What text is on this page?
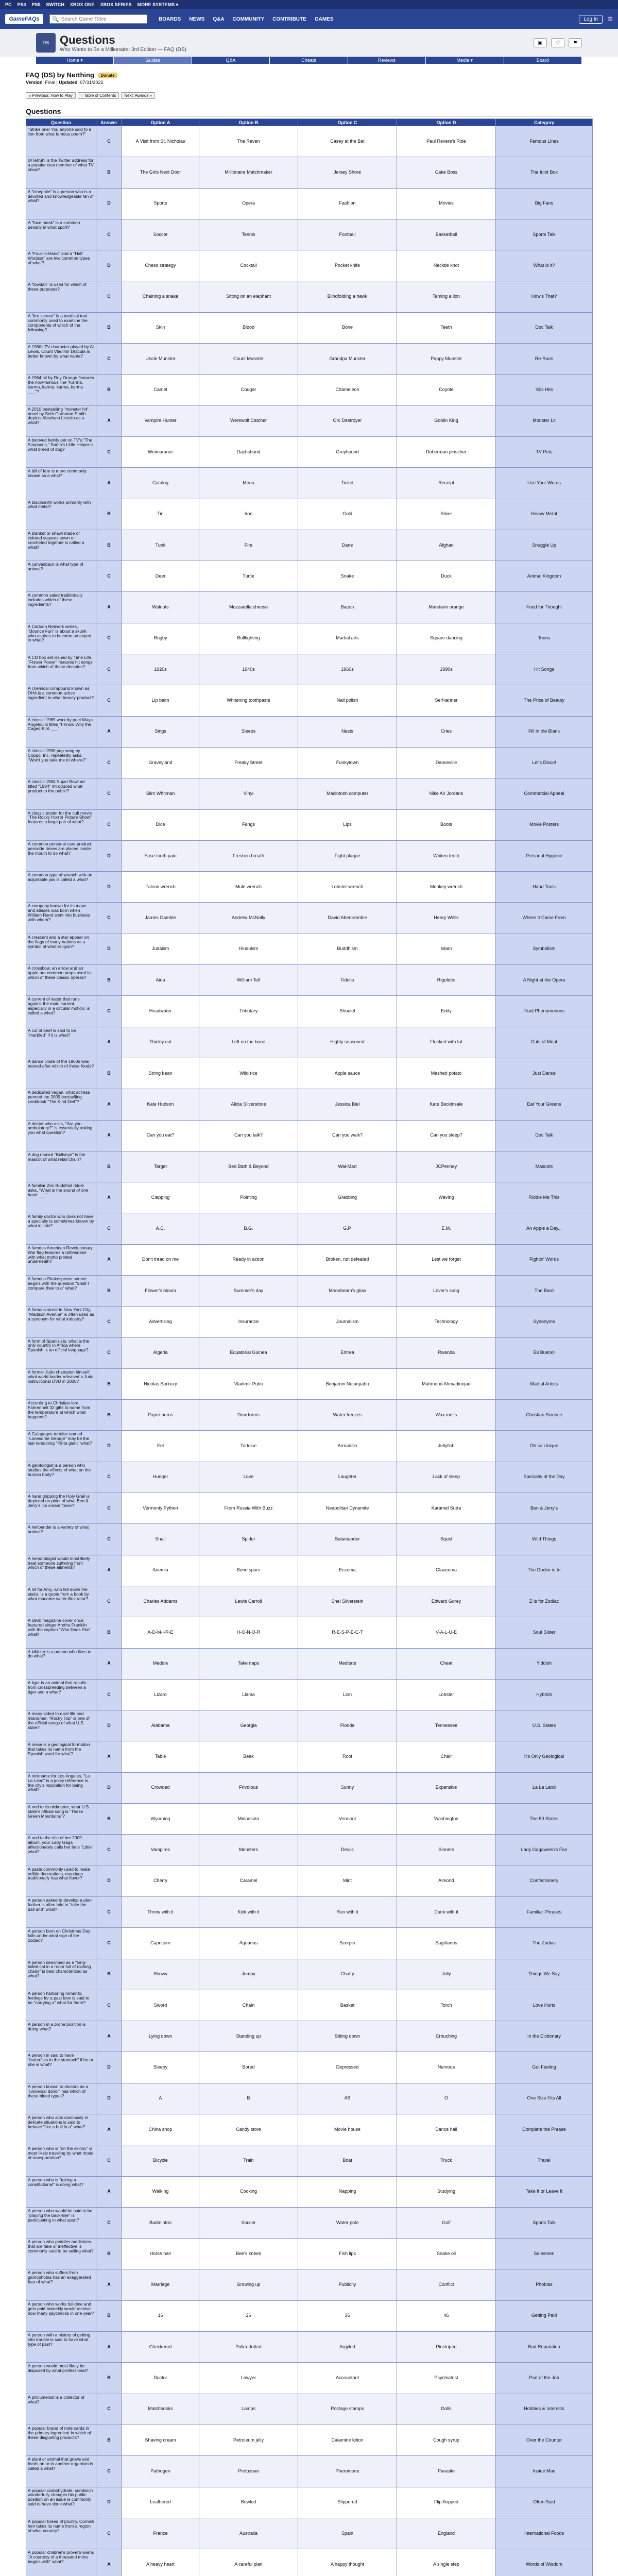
PC PS4 PS5 SWITCH XBOX ONE XBOX SERIES MORE SYSTEMS ▾
GameFAQs	🔍
Search Game Titles	BOARDS NEWS Q&A COMMUNITY CONTRIBUTE GAMES	Log In	☰
DS Questions
Who Wants to Be a Millionaire: 3rd Edition — FAQ (DS)
▣	♡	⚑
Home ▾	Guides	Q&A	Cheats	Reviews	Media ▾	Board
FAQ (DS) by Nerthing Donate
Version: Final | Updated: 07/31/2022
« Previous: How to Play	↑ Table of Contents	Next: Awards »
Questions
Question	Answer	Option A	Option B	Option C	Option D	Category
"Strike one! You anyone said to a lion from what famous poem?"	C	A Visit from St. Nicholas	The Raven	Casey at the Bat	Paul Revere's Ride	Famous Lines
@TehShi is the Twitter address for a popular cast member of what TV show?	B	The Girls Next Door	Millionaire Matchmaker	Jersey Shore	Cake Boss	The Idiot Box
A "cinephile" is a person who is a devoted and knowledgeable fan of what?	D	Sports	Opera	Fashion	Movies	Big Fans
A "face mask" is a common penalty in what sport?	C	Soccer	Tennis	Football	Basketball	Sports Talk
A "Four-in-Hand" and a "Half Windsor" are two common types of what?	D	Chess strategy	Cocktail	Pocket knife	Necktie knot	What is it?
A "lowdah" is used for which of these purposes?	C	Chaining a snake	Sitting on an elephant	Blindfolding a hawk	Taming a lion	How's That?
A "tire screen" is a medical tool commonly used to examine the components of which of the following?	B	Skin	Blood	Bone	Teeth	Doc Talk
A 1960s TV character played by Al Lewis, Count Vladimir Dracula is better known by what name?	C	Uncle Munster	Count Munster	Grandpa Munster	Pappy Munster	Re-Runs
A 1964 hit by Roy Orange features the now-famous line "Karma, karma, karma, karma, karma ___"?	B	Camel	Cougar	Chameleon	Coyote	'80s Hits
A 2010 bestselling "monster hit" novel by Seth Grahame-Smith depicts Abraham Lincoln as a what?	A	Vampire Hunter	Werewolf Catcher	Orc Destroyer	Goblin King	Monster Lit
A beloved family pet on TV's "The Simpsons," Santa's Little Helper is what breed of dog?	C	Weimaraner	Dachshund	Greyhound	Doberman pinscher	TV Pets
A bill of fare is more commonly known as a what?	A	Catalog	Menu	Ticket	Receipt	Use Your Words
A blacksmith works primarily with what metal?	B	Tin	Iron	Gold	Silver	Heavy Metal
A blanket or shawl made of colored squares sewn or crocheted together is called a what?	B	Tunk	Fire	Dane	Afghan	Snuggle Up
A canvasback is what type of animal?	C	Deer	Turtle	Snake	Duck	Animal Kingdom
A common salad traditionally includes which of these ingredients?	A	Walnuts	Mozzarella cheese	Bacon	Mandarin orange	Food for Thought
A Cartoon Network series, "Bounce Fun" is about a skunk who aspires to become an expert in what?	C	Rugby	Bullfighting	Martial arts	Square dancing	Toons
A CD box set issued by Time Life, "Flower Power" features hit songs from which of these decades?	C	1920s	1940s	1960s	1990s	Hit Songs
A chemical compound known as DHA is a common active ingredient in what beauty product?	C	Lip balm	Whitening toothpaste	Nail polish	Self-tanner	The Price of Beauty
A classic 1969 work by poet Maya Angelou is titled "I Know Why the Caged Bird ___"	A	Sings	Sleeps	Nests	Cries	Fill in the Blank
A classic 1990 pop song by Coppo, Inc. repeatedly asks, "Won't you take me to where?"	C	Graveyland	Freaky Street	Funkytown	Danceville	Let's Disco!
A classic 1984 Super Bowl ad titled "1984" introduced what product to the public?	C	Slim Whitman	Vinyl	Macintosh computer	Nike Air Jordans	Commercial Appeal
A classic poster for the cult movie "The Rocky Horror Picture Show" features a large pair of what?	C	Dice	Fangs	Lips	Boots	Movie Posters
A common personal care product, peroxide rinses are placed inside the mouth to do what?	D	Ease tooth pain	Freshen breath	Fight plaque	Whiten teeth	Personal Hygiene
A common type of wrench with an adjustable jaw is called a what?	D	Falcon wrench	Mule wrench	Lobster wrench	Monkey wrench	Hand Tools
A company known for its maps and atlases was born when William Rand went into business with whom?	C	James Gamble	Andrew McNally	David Abercrombie	Henry Wells	Where It Came From
A crescent and a star appear on the flags of many nations as a symbol of what religion?	D	Judaism	Hinduism	Buddhism	Islam	Symbolism
A crossbow, an arrow and an apple are common props used in which of these classic operas?	B	Aida	William Tell	Fidelio	Rigoletto	A Night at the Opera
A current of water that runs against the main current, especially in a circular motion, is called a what?	C	Headwater	Tributary	Shoulet	Eddy	Fluid Phenomenons
A cut of beef is said to be "marbled" if it is what?	A	Thickly cut	Left on the bone	Highly seasoned	Flecked with fat	Cuts of Meat
A dance craze of the 1960s was named after which of these foods?	B	String bean	Wild rice	Apple sauce	Mashed potato	Just Dance
A dedicated vegan, what actress penned the 2009 bestselling cookbook "The Kind Diet"?	A	Kate Hudson	Alicia Silverstone	Jessica Biel	Kate Beckinsale	Eat Your Greens
A doctor who asks, "Are you ambulatory?" is essentially asking you what question?	A	Can you eat?	Can you talk?	Can you walk?	Can you sleep?	Doc Talk
A dog named "Bullseye" is the mascot of what retail chain?	B	Target	Bed Bath & Beyond	Wal-Mart	JCPenney	Mascots
A familiar Zen Buddhist riddle asks, "What is the sound of one hand ___"	A	Clapping	Pointing	Grabbing	Waving	Riddle Me This
A family doctor who does not have a specialty is sometimes known by what initials?	C	A.C.	B.G.	G.P.	E.M.	An Apple a Day...
A famous American Revolutionary War flag features a rattlesnake with what motto printed underneath?	A	Don't tread on me	Ready in action	Broken, not defeated	Lest we forget	Fightin' Words
A famous Shakespeare sonnet begins with the question "Shall I compare thee to a" what?	B	Flower's bloom	Summer's day	Moonbeam's glow	Lover's song	The Bard
A famous street in New York City, "Madison Avenue" is often used as a synonym for what industry?	C	Advertising	Insurance	Journalism	Technology	Synonyms
A form of Spanish is, what is the only country in Africa where Spanish is an official language?	C	Algeria	Equatorial Guinea	Eritrea	Rwanda	Es Bueno!
A former Judo champion himself, what world leader released a Judo instructional DVD in 2008?	B	Nicolas Sarkozy	Vladimir Putin	Benjamin Netanyahu	Mahmoud Ahmadinejad	Martial Artists
According to Christian lore, Fahrenheit 32 gifts to name from the temperature at which what happens?	B	Paper burns	Dew forms	Water freezes	Wax melts	Christian Science
A Galapagos tortoise named "Lonesome George" may be the last remaining "Pinta giant" what?	D	Eel	Tortoise	Armadillo	Jellyfish	Oh so Unique
A gelotologist is a person who studies the effects of what on the human body?	C	Hunger	Love	Laughter	Lack of sleep	Specialty of the Day
A hand gripping the Holy Grail is depicted on pints of what Ben & Jerry's ice cream flavor?	C	Vermonty Python	From Russia With Buzz	Neapolitan Dynamite	Karamel Sutra	Ben & Jerry's
A hellbender is a variety of what animal?	C	Snail	Spider	Salamander	Squid	Wild Things
A hematologist would most likely treat someone suffering from which of these ailments?	A	Anemia	Bone spurs	Eczema	Glaucoma	The Doctor is In
A hit for Amy, who fell down the stairs, is a quote from a book by what macabre writer-illustrator?	C	Charles Addams	Lewis Carroll	Shel Silverstein	Edward Gorey	Z Is for Zodiac
A 1960 magazine cover once featured singer Aretha Franklin with the caption "Who Does She" what?	B	A-D-M-I-R-E	H-O-N-O-R	R-E-S-P-E-C-T	V-A-L-U-E	Soul Sister
A kibitzer is a person who likes to do what?	A	Meddle	Take naps	Meditate	Cheat	Yiddish
A liger is an animal that results from crossbreeding between a tiger and a what?	C	Lizard	Llama	Lion	Lobster	Hybrids
A many-sided to rural life and misnomer, "Rocky Top" is one of the official songs of what U.S. state?	D	Alabama	Georgia	Florida	Tennessee	U.S. States
A mesa is a geological formation that takes its name from the Spanish word for what?	A	Table	Beak	Roof	Chair	It's Only Geological
A nickname for Los Angeles, "La La Land" is a jokey reference to the city's reputation for being what?	D	Crowded	Frivolous	Sunny	Expensive	La La Land
A nod to its nickname, what U.S. state's official song is "These Green Mountains"?	B	Wyoming	Minnesota	Vermont	Washington	The 50 States
A nod to the title of her 2009 album, your Lady Gaga affectionately calls her fans "Little" what?	C	Vampires	Monsters	Devils	Sinners	Lady Gagaween's Fan
A paste commonly used to make edible decorations, marzipan traditionally has what flavor?	D	Cherry	Caramel	Mint	Almond	Confectionery
A person asked to develop a plan further is often told to "take the ball and" what?	C	Throw with it	Kick with it	Run with it	Dunk with it	Familiar Phrases
A person born on Christmas Day falls under what sign of the zodiac?	C	Capricorn	Aquarius	Scorpio	Sagittarius	The Zodiac
A person described as a "long-tailed cat in a room full of rocking chairs" is best characterized as what?	B	Showy	Jumpy	Chatty	Jolly	Things We Say
A person harboring romantic feelings for a past love is said to be "carrying a" what for them?	C	Sword	Chain	Basket	Torch	Love Hurts
A person in a prone position is doing what?	A	Lying down	Standing up	Sitting down	Crouching	In the Dictionary
A person in said to have "butterflies in the stomach" if he or she is what?	D	Sleepy	Bored	Depressed	Nervous	Gut Feeling
A person known to doctors as a "universal donor" has which of these blood types?	D	A	B	AB	O	One Size Fits All
A person who acts cautiously in delicate situations is said to behave "like a bull in a" what?	A	China shop	Candy store	Movie house	Dance hall	Complete the Phrase
A person who is "on the skinny" is most likely traveling by what mode of transportation?	C	Bicycle	Train	Boat	Truck	Travel
A person who is "taking a constitutional" is doing what?	A	Walking	Cooking	Napping	Studying	Take It or Leave It
A person who would be said to be "playing the back-line" is participating in what sport?	C	Badminton	Soccer	Water polo	Golf	Sports Talk
A person who peddles medicines that are fake or ineffective is commonly said to be selling what?	B	Horse hair	Bee's knees	Fish lips	Snake oil	Salesmen
A person who suffers from gamophobia has an exaggerated fear of what?	A	Marriage	Growing up	Publicity	Conflict	Phobias
A person who works full-time and gets paid biweekly would receive how many paychecks in one year?	B	16	26	36	46	Getting Paid
A person with a history of getting into trouble is said to have what type of past?	A	Checkered	Polka-dotted	Argyled	Pinstriped	Bad Reputation
A person would most likely be disposed by what professional?	B	Doctor	Lawyer	Accountant	Psychiatrist	Part of the Job
A phillumenist is a collector of what?	C	Matchbooks	Lamps	Postage stamps	Dolls	Hobbies & Interests
A popular brand of note cards in the primary ingredient in which of these disgusting products?	B	Shaving cream	Petroleum jelly	Calamine lotion	Cough syrup	Over the Counter
A plant or animal that grows and feeds on or in another organism is called a what?	C	Pathogen	Protozoan	Pheromone	Parasite	Inside Man
A popular carbohydrate, sandwich wonderfully changes his public position on an issue is commonly said to have done what?	D	Leafhered	Bowled	Slippered	Flip-flopped	Often Said
A popular breed of poultry, Cornish hen takes its name from a region of what country?	C	France	Australia	Spain	England	International Foods
A popular children's proverb warns "A courtesy of a thousand miles begins with" what?	A	A heavy heart	A careful plan	A happy thought	A single step	Words of Wisdom
